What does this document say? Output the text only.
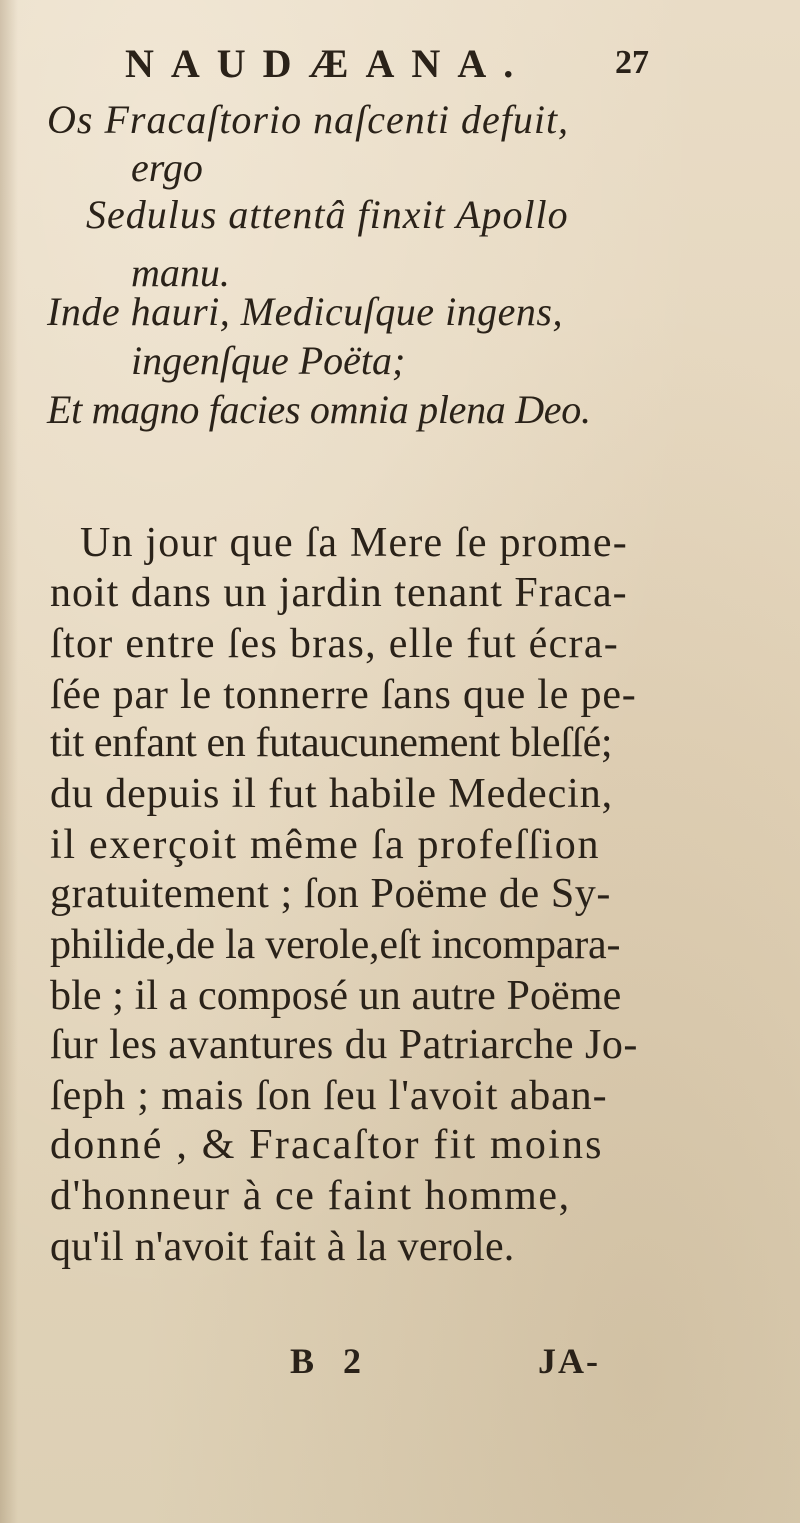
NAUDÆANA. 27
Os Fracaſtorio naſcenti defuit,
ergo
Sedulus attentâ finxit Apollo
manu.
Inde hauri, Medicuſque ingens,
ingenſque Poëta;
Et magno facies omnia plena Deo.
Un jour que ſa Mere ſe prome-
noit dans un jardin tenant Fraca-
ſtor entre ſes bras, elle fut écra-
ſée par le tonnerre ſans que le pe-
tit enfant en futaucunement bleſſé;
du depuis il fut habile Medecin,
il exerçoit même ſa profeſſion
gratuitement ; ſon Poëme de Sy-
philide,de la verole,eſt incompara-
ble ; il a composé un autre Poëme
ſur les avantures du Patriarche Jo-
ſeph ; mais ſon ſeu l'avoit aban-
donné , & Fracaſtor fit moins
d'honneur à ce faint homme,
qu'il n'avoit fait à la verole.
B 2	JA-
